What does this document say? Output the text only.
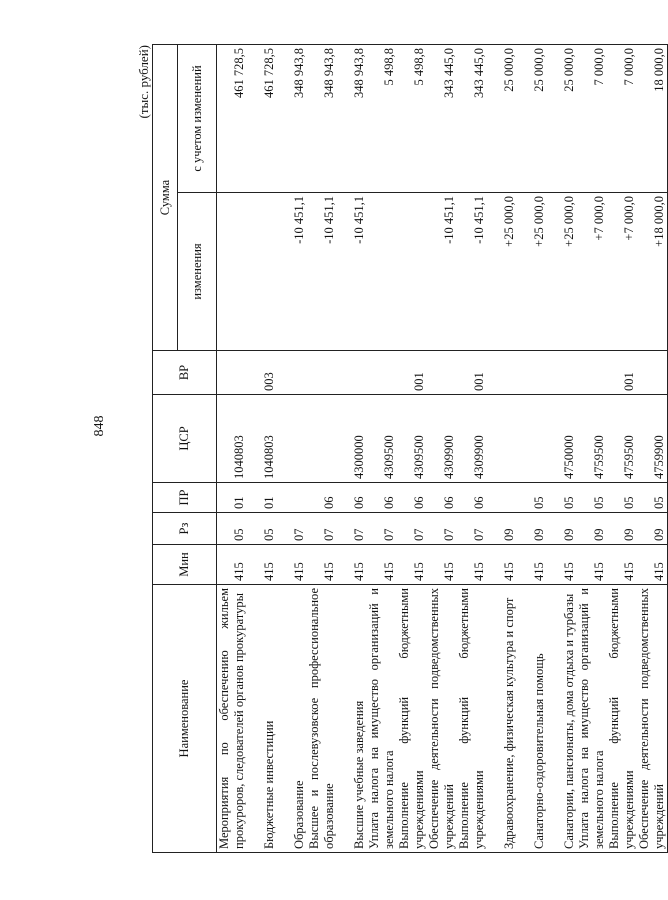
848
(тыс. рублей)
Наименование	Мин	Рз	ПР	ЦСР	ВР	Сумма	
						изменения	с учетом изменений
Мероприятия по обеспечению жильем прокуроров, следователей органов прокуратуры	415	05	01	1040803			461 728,5
Бюджетные инвестиции	415	05	01	1040803	003		461 728,5
Образование	415	07				-10 451,1	348 943,8
Высшее и послевузовское профессиональное образование	415	07	06			-10 451,1	348 943,8
Высшие учебные заведения	415	07	06	4300000		-10 451,1	348 943,8
Уплата налога на имущество организаций и земельного налога	415	07	06	4309500			5 498,8
Выполнение функций бюджетными учреждениями	415	07	06	4309500	001		5 498,8
Обеспечение деятельности подведомственных учреждений	415	07	06	4309900		-10 451,1	343 445,0
Выполнение функций бюджетными учреждениями	415	07	06	4309900	001	-10 451,1	343 445,0
Здравоохранение, физическая культура и спорт	415	09				+25 000,0	25 000,0
Санаторно-оздоровительная помощь	415	09	05			+25 000,0	25 000,0
Санатории, пансионаты, дома отдыха и турбазы	415	09	05	4750000		+25 000,0	25 000,0
Уплата налога на имущество организаций и земельного налога	415	09	05	4759500		+7 000,0	7 000,0
Выполнение функций бюджетными учреждениями	415	09	05	4759500	001	+7 000,0	7 000,0
Обеспечение деятельности подведомственных учреждений	415	09	05	4759900		+18 000,0	18 000,0
